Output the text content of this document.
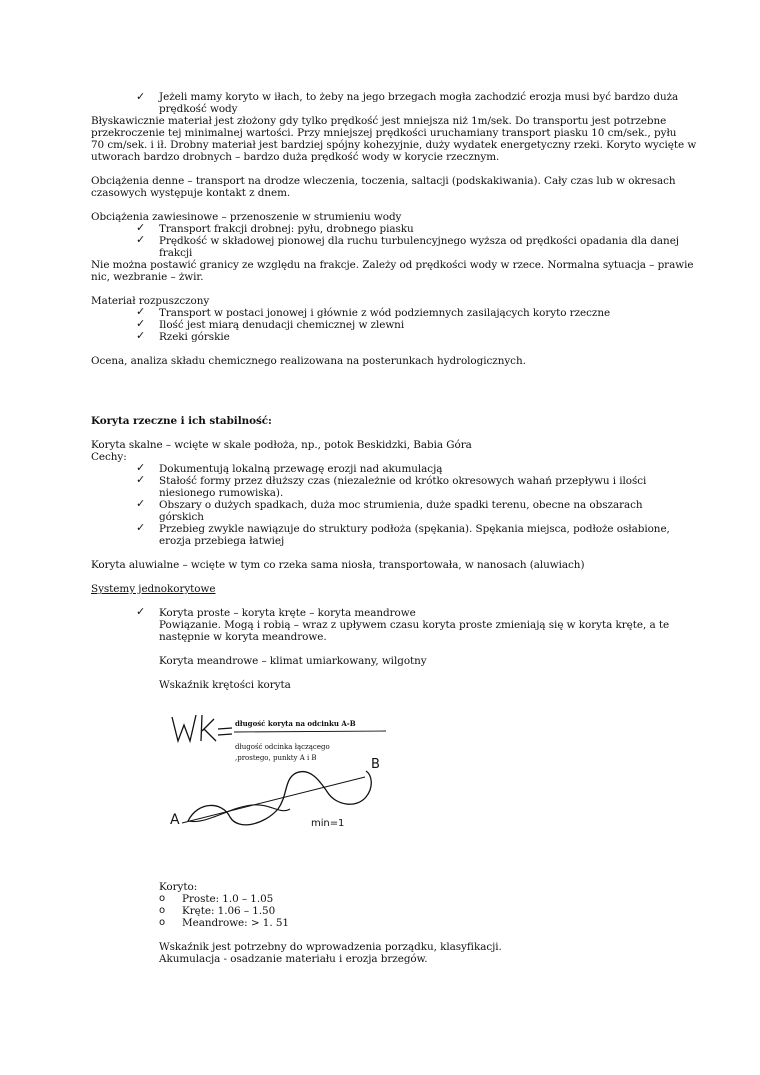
✓ Jeżeli mamy koryto w iłach, to żeby na jego brzegach mogła zachodzić erozja musi być bardzo duża
prędkość wody
Błyskawicznie materiał jest złożony gdy tylko prędkość jest mniejsza niż 1m/sek. Do transportu jest potrzebne
przekroczenie tej minimalnej wartości. Przy mniejszej prędkości uruchamiany transport piasku 10 cm/sek., pyłu
70 cm/sek. i ił. Drobny materiał jest bardziej spójny kohezyjnie, duży wydatek energetyczny rzeki. Koryto wycięte w
utworach bardzo drobnych – bardzo duża prędkość wody w korycie rzecznym.
Obciążenia denne – transport na drodze wleczenia, toczenia, saltacji (podskakiwania). Cały czas lub w okresach
czasowych występuje kontakt z dnem.
Obciążenia zawiesinowe – przenoszenie w strumieniu wody
✓ Transport frakcji drobnej: pyłu, drobnego piasku
✓ Prędkość w składowej pionowej dla ruchu turbulencyjnego wyższa od prędkości opadania dla danej
frakcji
Nie można postawić granicy ze względu na frakcje. Zależy od prędkości wody w rzece. Normalna sytuacja – prawie
nic, wezbranie – żwir.
Materiał rozpuszczony
✓ Transport w postaci jonowej i głównie z wód podziemnych zasilających koryto rzeczne
✓ Ilość jest miarą denudacji chemicznej w zlewni
✓ Rzeki górskie
Ocena, analiza składu chemicznego realizowana na posterunkach hydrologicznych.
Koryta rzeczne i ich stabilność:
Koryta skalne – wcięte w skale podłoża, np., potok Beskidzki, Babia Góra
Cechy:
✓ Dokumentują lokalną przewagę erozji nad akumulacją
✓ Stałość formy przez dłuższy czas (niezależnie od krótko okresowych wahań przepływu i ilości
niesionego rumowiska).
✓ Obszary o dużych spadkach, duża moc strumienia, duże spadki terenu, obecne na obszarach
górskich
✓ Przebieg zwykle nawiązuje do struktury podłoża (spękania). Spękania miejsca, podłoże osłabione,
erozja przebiega łatwiej
Koryta aluwialne – wcięte w tym co rzeka sama niosła, transportowała, w nanosach (aluwiach)
Systemy jednokorytowe
✓ Koryta proste – koryta kręte – koryta meandrowe
Powiązanie. Mogą i robią – wraz z upływem czasu koryta proste zmieniają się w koryta kręte, a te
następnie w koryta meandrowe.
Koryta meandrowe – klimat umiarkowany, wilgotny
Wskaźnik krętości koryta
długość koryta na odcinku A-B
długość odcinka łączącego
,prostego, punkty A i B
A
B
min=1
Koryto:
o Proste: 1.0 – 1.05
o Kręte: 1.06 – 1.50
o Meandrowe: > 1. 51
Wskaźnik jest potrzebny do wprowadzenia porządku, klasyfikacji.
Akumulacja - osadzanie materiału i erozja brzegów.
